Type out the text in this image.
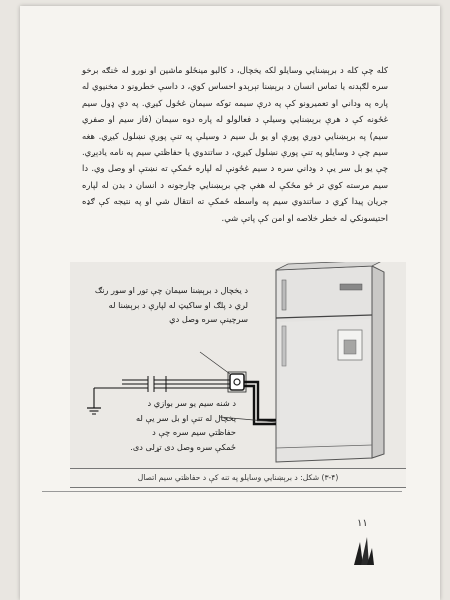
کله چې کله د برېښنايي وسايلو لکه يخچال، د کالبو مينځلو ماشين او نورو له څنګه برخو سره لګېدنه يا تماس انسان د برېښنا تېرېدو احساس کوي، د داسې خطرونو د مخنيوي له پاره په وداني او تعميرونو کې په درې سيمه توکه سيمان غځول کيږي. په دې ډول سيم غځونه کې د هرې برېښنايي وسيلې د فعالولو له پاره دوه سيمان (فاز سيم او صفري سيم) په برېښنايي دوري پورې او يو بل سيم د وسيلې په تنې پورې نښلول کيږي. هغه سيم چې د وسايلو په تنې پورې نښلول کيږي، د ساتندوي يا حفاظتي سيم په نامه يادېږي. چې يو بل سر يې د وداني سره د سيم غځونې له لپاره ځمکې ته نښتې او وصل وي. دا سيم مرسته کوي تر څو مځکې له هغې چې برېښنايي چارجونه د انسان د بدن له لپاره جريان پيدا کړي د ساتندوي سيم په واسطه ځمکې ته انتقال شي او په نتيجه کې ګډه احتيسونکي له خطر خلاصه او امن کې پاتې شي.

د يخچال د برېښنا سيمان چې تور او سور رنګ لري د پلګ او ساکيټ له لپارې د برېښنا له سرچينې سره وصل دي

د شنه سيم يو سر بوازي د يخچال له تنې او بل سر يې له حفاظتي سيم سره چې د ځمکې سره وصل دی تړلی دی.

(۳-۴) شکل: د برېښنايي وسايلو په تنه کې د حفاظتي سيم اتصال
۱۱
